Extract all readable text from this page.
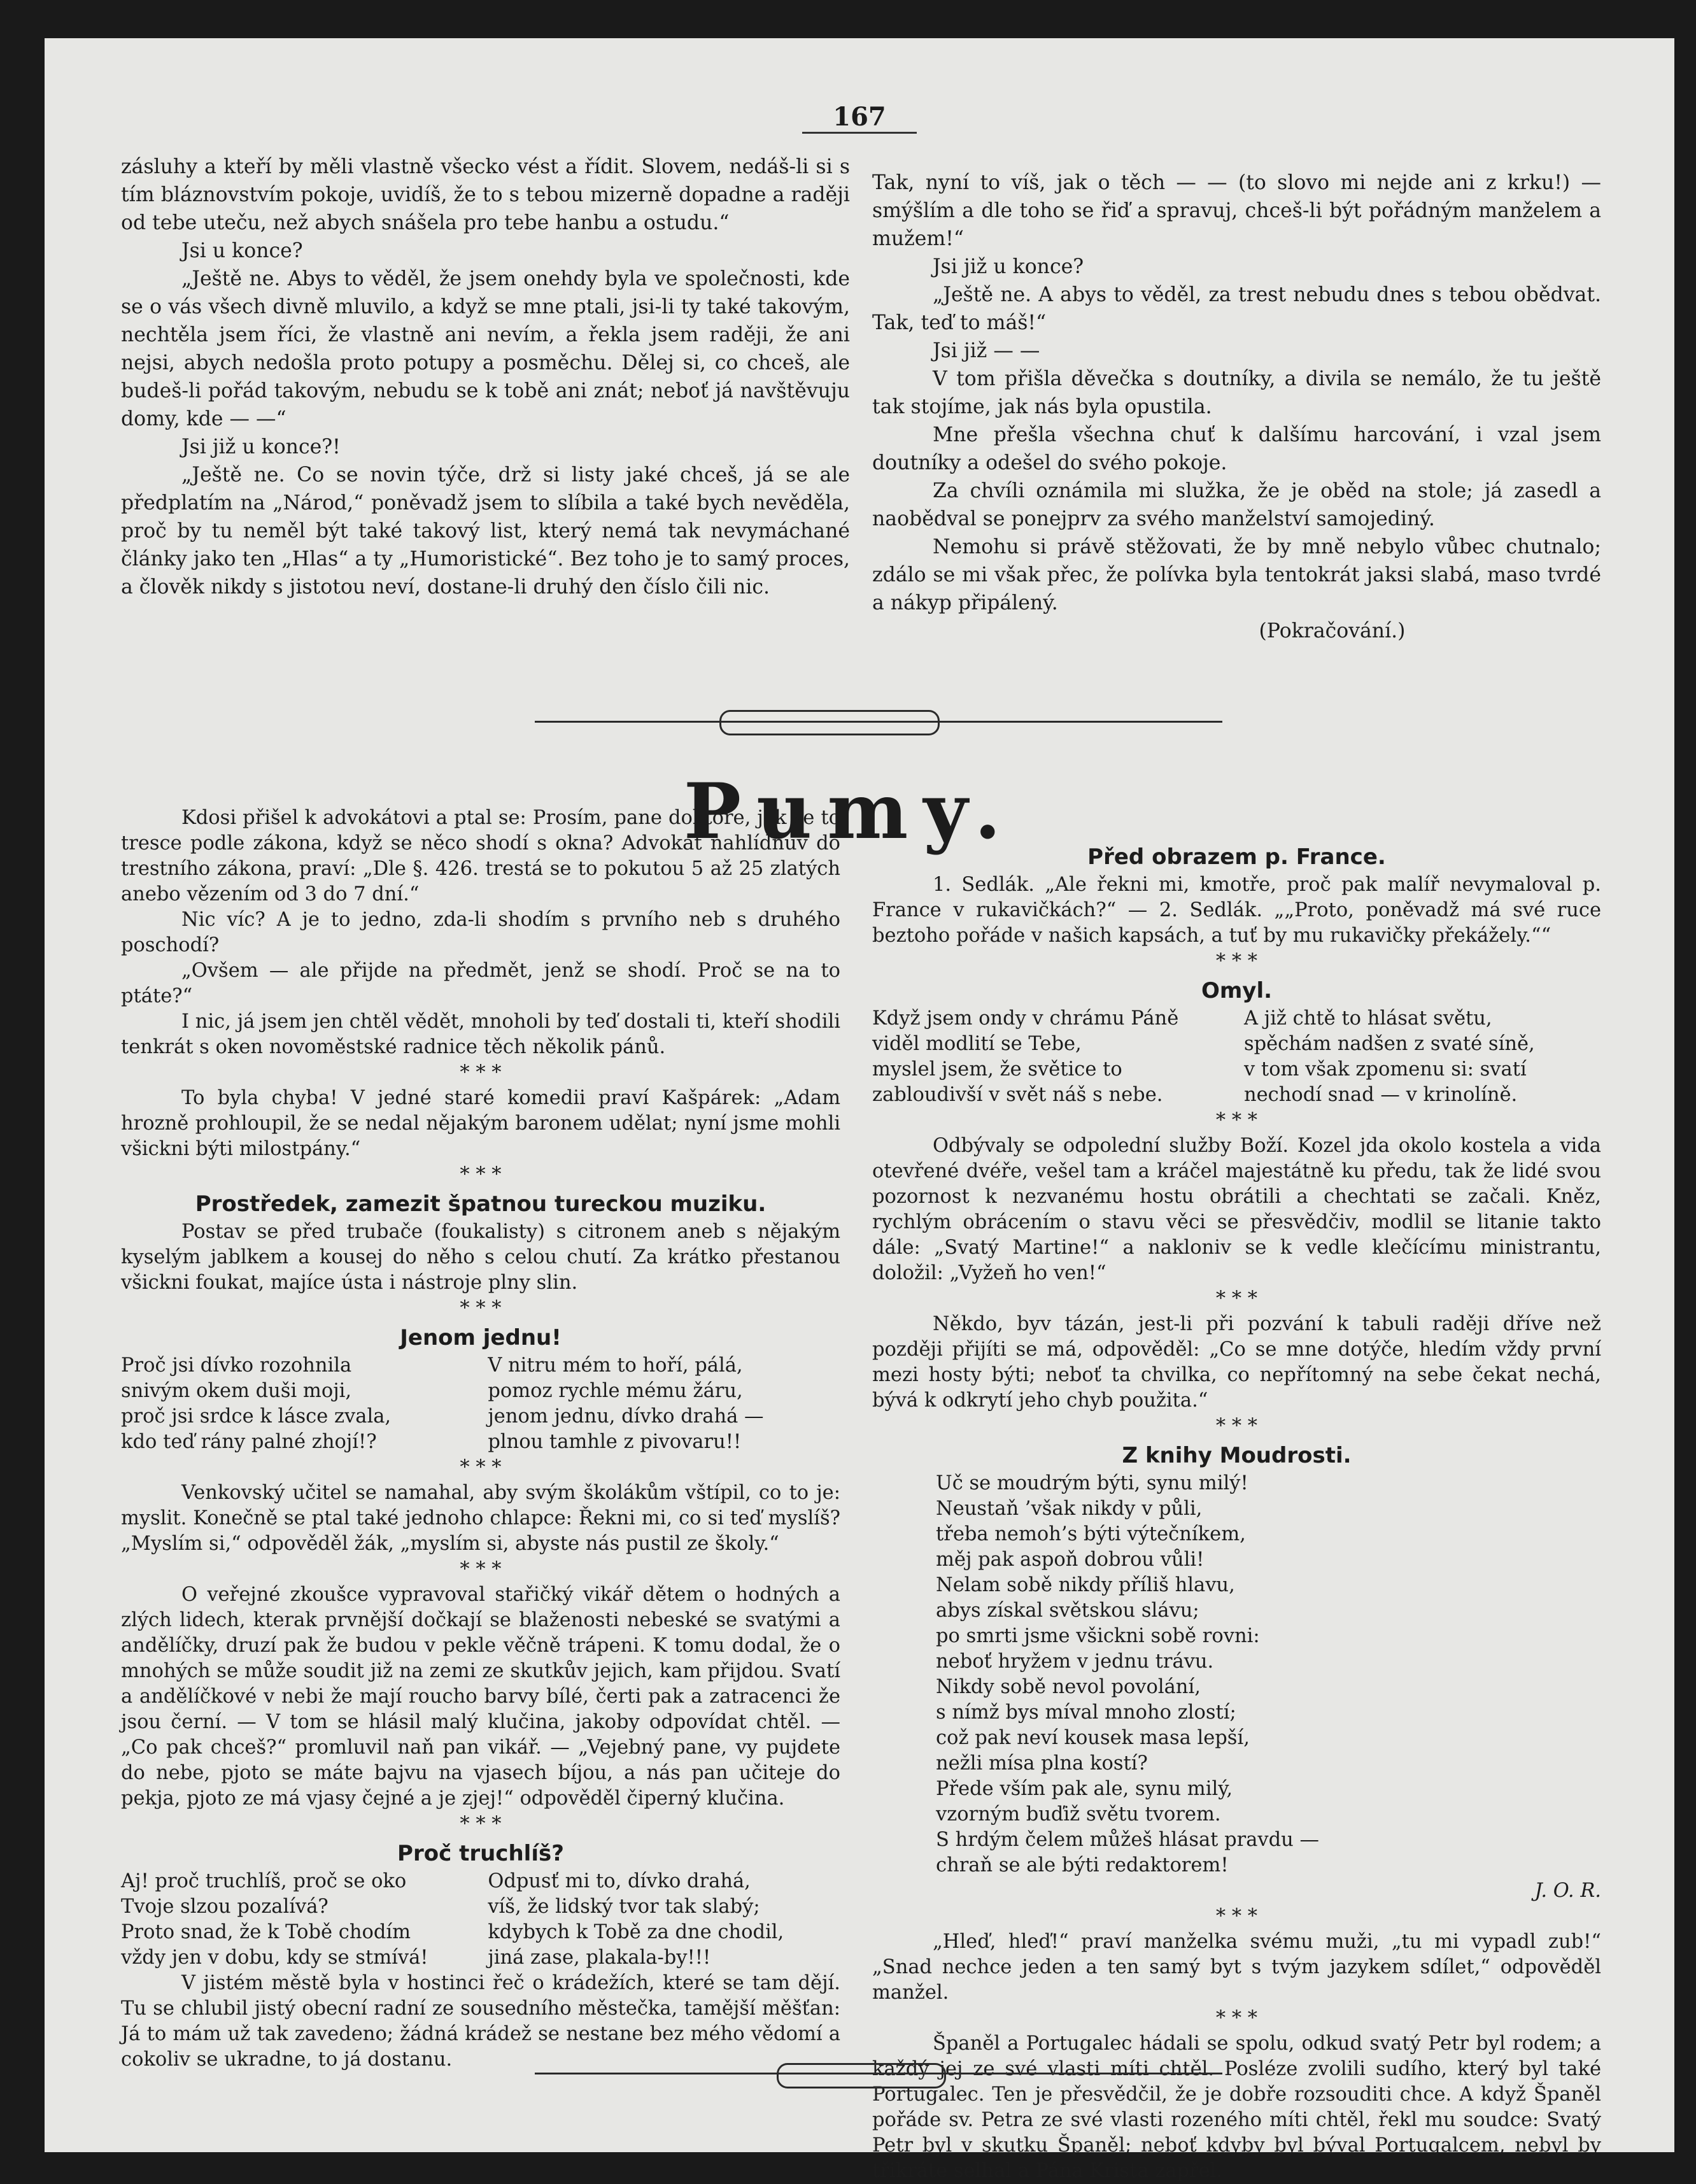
167

zásluhy a kteří by měli vlastně všecko vést a řídit. Slovem, nedáš-li si s tím bláznovstvím pokoje, uvidíš, že to s tebou mizerně dopadne a raději od tebe uteču, než abych snášela pro tebe hanbu a ostudu.“

Jsi u konce?

„Ještě ne. Abys to věděl, že jsem onehdy byla ve společnosti, kde se o vás všech divně mluvilo, a když se mne ptali, jsi-li ty také takovým, nechtěla jsem říci, že vlastně ani nevím, a řekla jsem raději, že ani nejsi, abych nedošla proto potupy a posměchu. Dělej si, co chceš, ale budeš-li pořád takovým, nebudu se k tobě ani znát; neboť já navštěvuju domy, kde — —“

Jsi již u konce?!

„Ještě ne. Co se novin týče, drž si listy jaké chceš, já se ale předplatím na „Národ,“ poněvadž jsem to slíbila a také bych nevěděla, proč by tu neměl být také takový list, který nemá tak nevymáchané články jako ten „Hlas“ a ty „Humoristické“. Bez toho je to samý proces, a člověk nikdy s jistotou neví, dostane-li druhý den číslo čili nic.

Tak, nyní to víš, jak o těch — — (to slovo mi nejde ani z krku!) — smýšlím a dle toho se řiď a spravuj, chceš-li být pořádným manželem a mužem!“

Jsi již u konce?

„Ještě ne. A abys to věděl, za trest nebudu dnes s tebou obědvat. Tak, teď to máš!“

Jsi již — —

V tom přišla děvečka s doutníky, a divila se nemálo, že tu ještě tak stojíme, jak nás byla opustila.

Mne přešla všechna chuť k dalšímu harcování, i vzal jsem doutníky a odešel do svého pokoje.

Za chvíli oznámila mi služka, že je oběd na stole; já zasedl a naobědval se ponejprv za svého manželství samojediný.

Nemohu si právě stěžovati, že by mně nebylo vůbec chutnalo; zdálo se mi však přec, že polívka byla tentokrát jaksi slabá, maso tvrdé a nákyp připálený.

(Pokračování.)

Pumy.

Kdosi přišel k advokátovi a ptal se: Prosím, pane doktore, jak se to tresce podle zákona, když se něco shodí s okna? Advokát nahlídnuv do trestního zákona, praví: „Dle §. 426. trestá se to pokutou 5 až 25 zlatých anebo vězením od 3 do 7 dní.“

Nic víc? A je to jedno, zda-li shodím s prvního neb s druhého poschodí?

„Ovšem — ale přijde na předmět, jenž se shodí. Proč se na to ptáte?“

I nic, já jsem jen chtěl vědět, mnoholi by teď dostali ti, kteří shodili tenkrát s oken novoměstské radnice těch několik pánů.

* * *

To byla chyba! V jedné staré komedii praví Kašpárek: „Adam hrozně prohloupil, že se nedal nějakým baronem udělat; nyní jsme mohli všickni býti milostpány.“

* * *
Prostředek, zamezit špatnou tureckou muziku.

Postav se před trubače (foukalisty) s citronem aneb s nějakým kyselým jablkem a kousej do něho s celou chutí. Za krátko přestanou všickni foukat, majíce ústa i nástroje plny slin.

* * *
Jenom jednu!

Proč jsi dívko rozohnila

snivým okem duši moji,

proč jsi srdce k lásce zvala,

kdo teď rány palné zhojí!?

V nitru mém to hoří, pálá,

pomoz rychle mému žáru,

jenom jednu, dívko drahá —

plnou tamhle z pivovaru!!

* * *

Venkovský učitel se namahal, aby svým školákům vštípil, co to je: myslit. Konečně se ptal také jednoho chlapce: Řekni mi, co si teď myslíš? „Myslím si,“ odpověděl žák, „myslím si, abyste nás pustil ze školy.“

* * *

O veřejné zkoušce vypravoval stařičký vikář dětem o hodných a zlých lidech, kterak prvnější dočkají se blaženosti nebeské se svatými a andělíčky, druzí pak že budou v pekle věčně trápeni. K tomu dodal, že o mnohých se může soudit již na zemi ze skutkův jejich, kam přijdou. Svatí a andělíčkové v nebi že mají roucho barvy bílé, čerti pak a zatracenci že jsou černí. — V tom se hlásil malý klučina, jakoby odpovídat chtěl. — „Co pak chceš?“ promluvil naň pan vikář. — „Vejebný pane, vy pujdete do nebe, pjoto se máte bajvu na vjasech bíjou, a nás pan učiteje do pekja, pjoto ze má vjasy čejné a je zjej!“ odpověděl čiperný klučina.

* * *
Proč truchlíš?

Aj! proč truchlíš, proč se oko

Tvoje slzou pozalívá?

Proto snad, že k Tobě chodím

vždy jen v dobu, kdy se stmívá!

Odpusť mi to, dívko drahá,

víš, že lidský tvor tak slabý;

kdybych k Tobě za dne chodil,

jiná zase, plakala-by!!!

V jistém městě byla v hostinci řeč o krádežích, které se tam dějí. Tu se chlubil jistý obecní radní ze sousedního městečka, tamější měšťan: Já to mám už tak zavedeno; žádná krádež se nestane bez mého vědomí a cokoliv se ukradne, to já dostanu.

Před obrazem p. France.

1. Sedlák. „Ale řekni mi, kmotře, proč pak malíř nevymaloval p. France v rukavičkách?“ — 2. Sedlák. „„Proto, poněvadž má své ruce beztoho pořáde v našich kapsách, a tuť by mu rukavičky překážely.““

* * *
Omyl.

Když jsem ondy v chrámu Páně

viděl modlití se Tebe,

myslel jsem, že světice to

zabloudivší v svět náš s nebe.

A již chtě to hlásat světu,

spěchám nadšen z svaté síně,

v tom však zpomenu si: svatí

nechodí snad — v krinolíně.

* * *

Odbývaly se odpolední služby Boží. Kozel jda okolo kostela a vida otevřené dvéře, vešel tam a kráčel majestátně ku předu, tak že lidé svou pozornost k nezvanému hostu obrátili a chechtati se začali. Kněz, rychlým obrácením o stavu věci se přesvědčiv, modlil se litanie takto dále: „Svatý Martine!“ a nakloniv se k vedle klečícímu ministrantu, doložil: „Vyžeň ho ven!“

* * *

Někdo, byv tázán, jest-li při pozvání k tabuli raději dříve než později přijíti se má, odpověděl: „Co se mne dotýče, hledím vždy první mezi hosty býti; neboť ta chvilka, co nepřítomný na sebe čekat nechá, bývá k odkrytí jeho chyb použita.“

* * *
Z knihy Moudrosti.

Uč se moudrým býti, synu milý!

Neustaň ’však nikdy v půli,

třeba nemoh’s býti výtečníkem,

měj pak aspoň dobrou vůli!

Nelam sobě nikdy příliš hlavu,

abys získal světskou slávu;

po smrti jsme všickni sobě rovni:

neboť hryžem v jednu trávu.

Nikdy sobě nevol povolání,

s nímž bys míval mnoho zlostí;

což pak neví kousek masa lepší,

nežli mísa plna kostí?

Přede vším pak ale, synu milý,

vzorným buďiž světu tvorem.

S hrdým čelem můžeš hlásat pravdu —

chraň se ale býti redaktorem!

J. O. R.
* * *

„Hleď, hleď!“ praví manželka svému muži, „tu mi vypadl zub!“ „Snad nechce jeden a ten samý byt s tvým jazykem sdílet,“ odpověděl manžel.

* * *

Španěl a Portugalec hádali se spolu, odkud svatý Petr byl rodem; a každý jej ze své vlasti míti chtěl. Posléze zvolili sudího, který byl také Portugalec. Ten je přesvědčil, že je dobře rozsouditi chce. A když Španěl pořáde sv. Petra ze své vlasti rozeného míti chtěl, řekl mu soudce: Svatý Petr byl v skutku Španěl; neboť kdyby byl býval Portugalcem, nebyl by třikráte selhal a Pána Krista zapřel.
